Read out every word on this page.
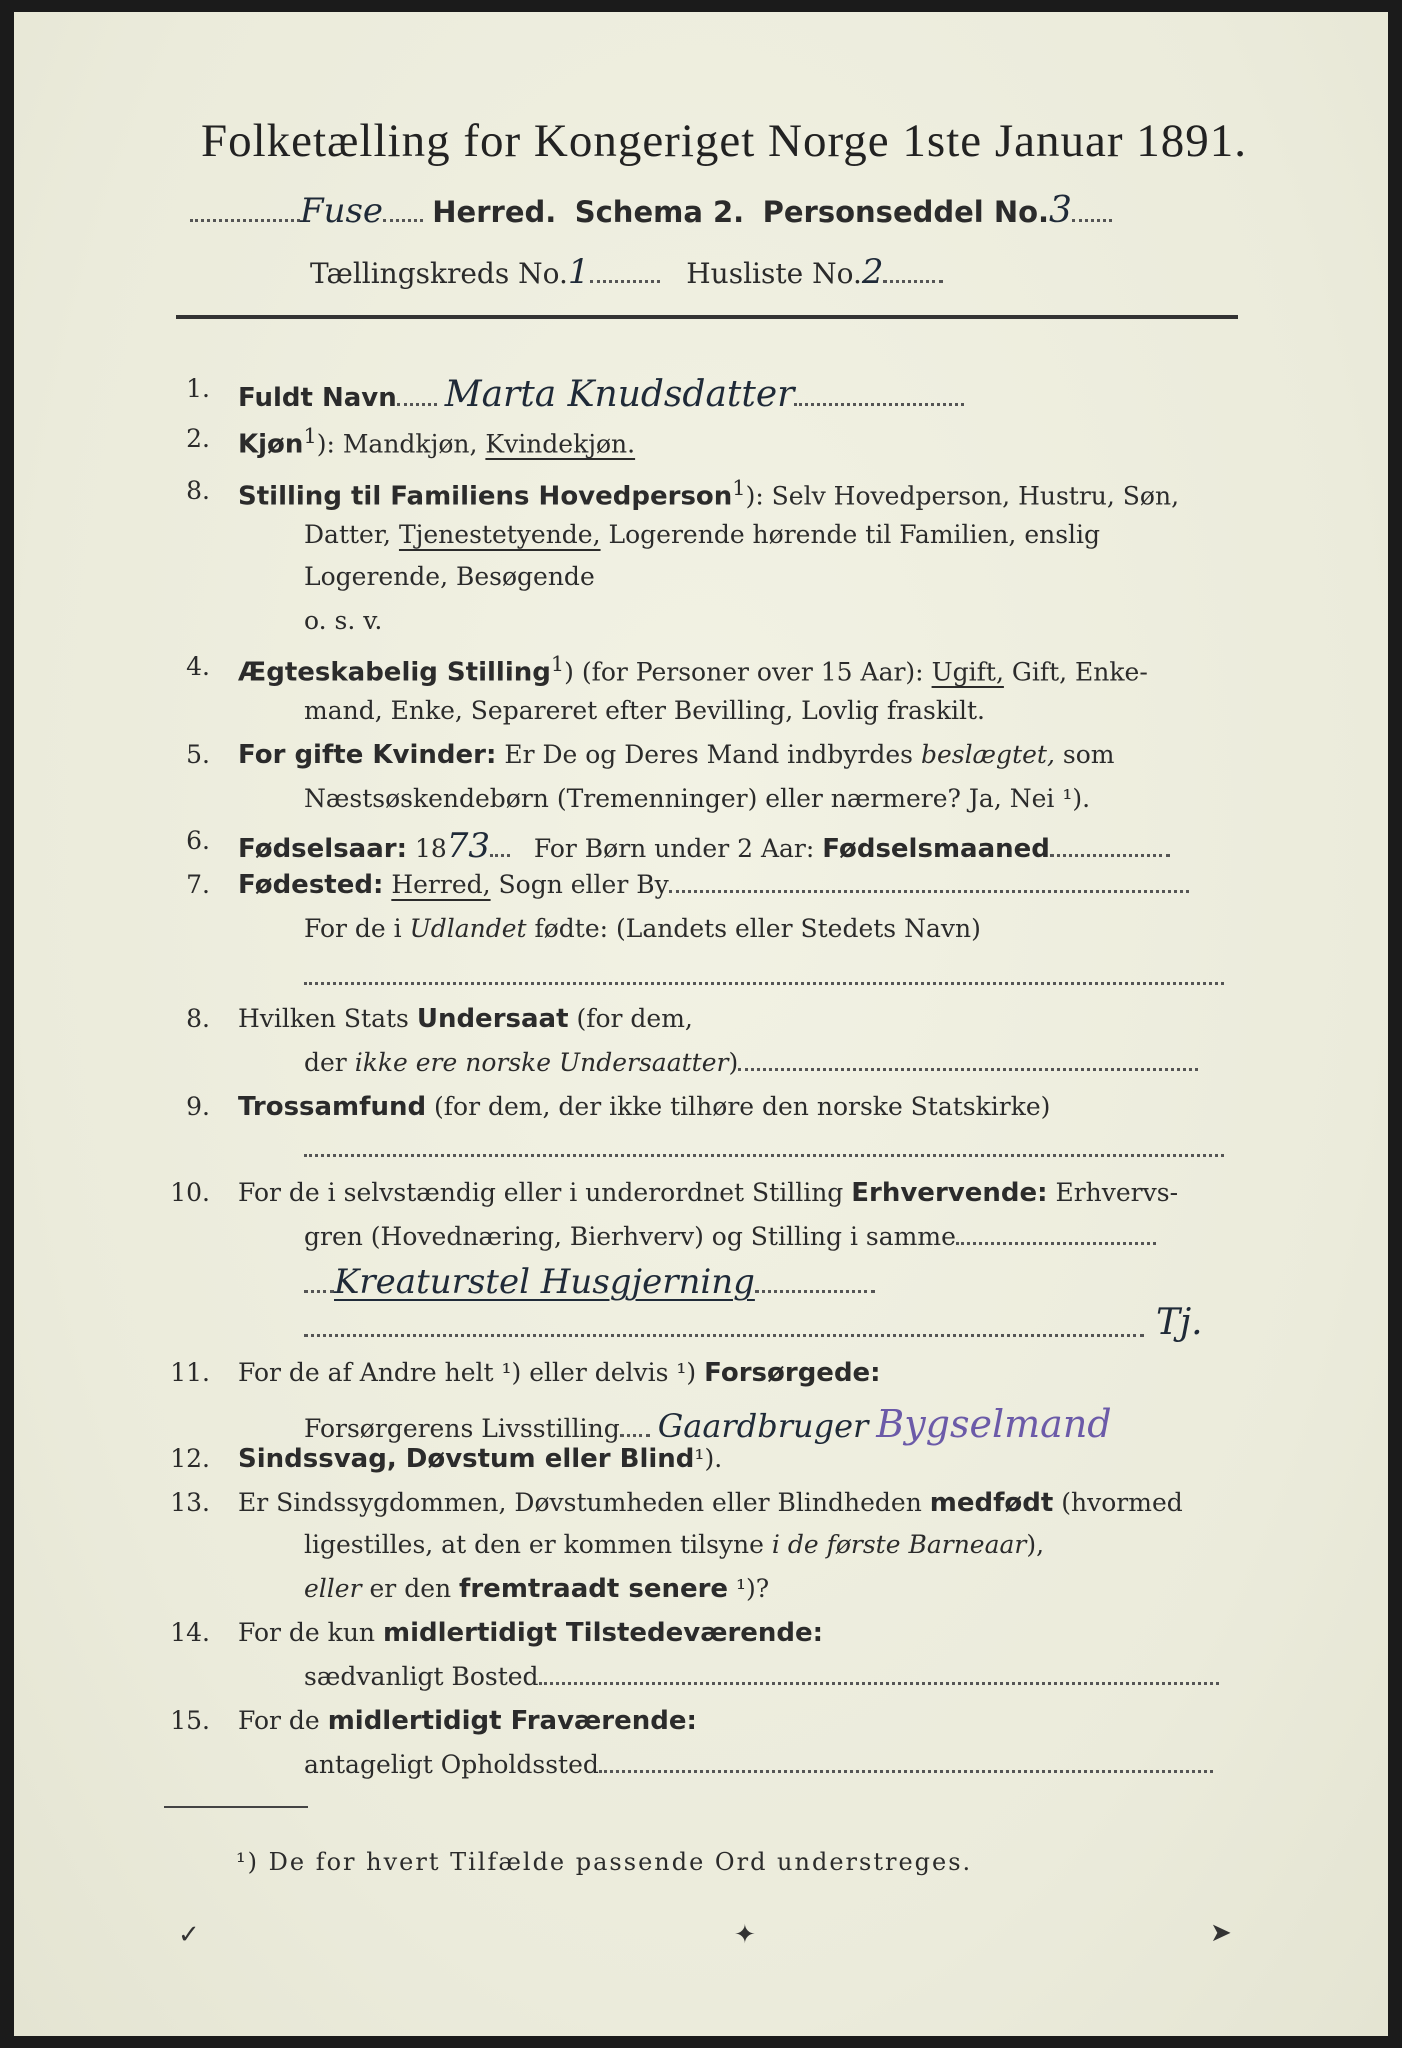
Folketælling for Kongeriget Norge 1ste Januar 1891.
Fuse Herred. Schema 2. Personseddel No.3
Tællingskreds No.1	Husliste No.2
1. Fuldt Navn Marta Knudsdatter
2. Kjøn$^1$): Mandkjøn, Kvindekjøn.
8. Stilling til Familiens Hovedperson$^1$): Selv Hovedperson, Hustru, Søn,
Datter, Tjenestetyende, Logerende hørende til Familien, enslig
Logerende, Besøgende
o. s. v.
4. Ægteskabelig Stilling$^1$) (for Personer over 15 Aar): Ugift, Gift, Enke-
mand, Enke, Separeret efter Bevilling, Lovlig fraskilt.
5. For gifte Kvinder: Er De og Deres Mand indbyrdes beslægtet, som
Næstsøskendebørn (Tremenninger) eller nærmere? Ja, Nei ¹).
6. Fødselsaar: 1873 For Børn under 2 Aar: Fødselsmaaned
7. Fødested: Herred, Sogn eller By
For de i Udlandet fødte: (Landets eller Stedets Navn)
8. Hvilken Stats Undersaat (for dem,
der ikke ere norske Undersaatter)
9. Trossamfund (for dem, der ikke tilhøre den norske Statskirke)
10. For de i selvstændig eller i underordnet Stilling Erhvervende: Erhvervs-
gren (Hovednæring, Bierhverv) og Stilling i samme
Kreaturstel Husgjerning
Tj.
11. For de af Andre helt ¹) eller delvis ¹) Forsørgede:
Forsørgerens Livsstilling Gaardbruger Bygselmand
12. Sindssvag, Døvstum eller Blind¹).
13. Er Sindssygdommen, Døvstumheden eller Blindheden medfødt (hvormed
ligestilles, at den er kommen tilsyne i de første Barneaar),
eller er den fremtraadt senere ¹)?
14. For de kun midlertidigt Tilstedeværende:
sædvanligt Bosted
15. For de midlertidigt Fraværende:
antageligt Opholdssted
¹) De for hvert Tilfælde passende Ord understreges.
✓	✦	➤
